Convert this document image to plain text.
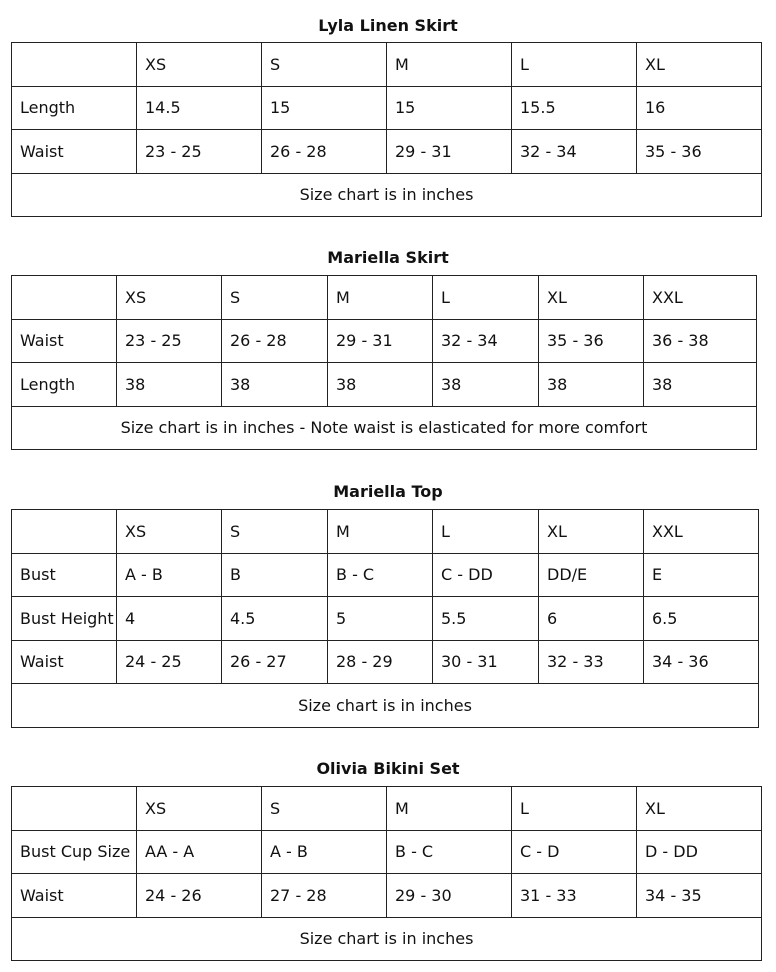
Lyla Linen Skirt
	XS	S	M	L	XL
Length	14.5	15	15	15.5	16
Waist	23 - 25	26 - 28	29 - 31	32 - 34	35 - 36
Size chart is in inches					
Mariella Skirt
	XS	S	M	L	XL	XXL
Waist	23 - 25	26 - 28	29 - 31	32 - 34	35 - 36	36 - 38
Length	38	38	38	38	38	38
Size chart is in inches - Note waist is elasticated for more comfort						
Mariella Top
	XS	S	M	L	XL	XXL
Bust	A - B	B	B - C	C - DD	DD/E	E
Bust Height	4	4.5	5	5.5	6	6.5
Waist	24 - 25	26 - 27	28 - 29	30 - 31	32 - 33	34 - 36
Size chart is in inches						
Olivia Bikini Set
	XS	S	M	L	XL
Bust Cup Size	AA - A	A - B	B - C	C - D	D - DD
Waist	24 - 26	27 - 28	29 - 30	31 - 33	34 - 35
Size chart is in inches					
